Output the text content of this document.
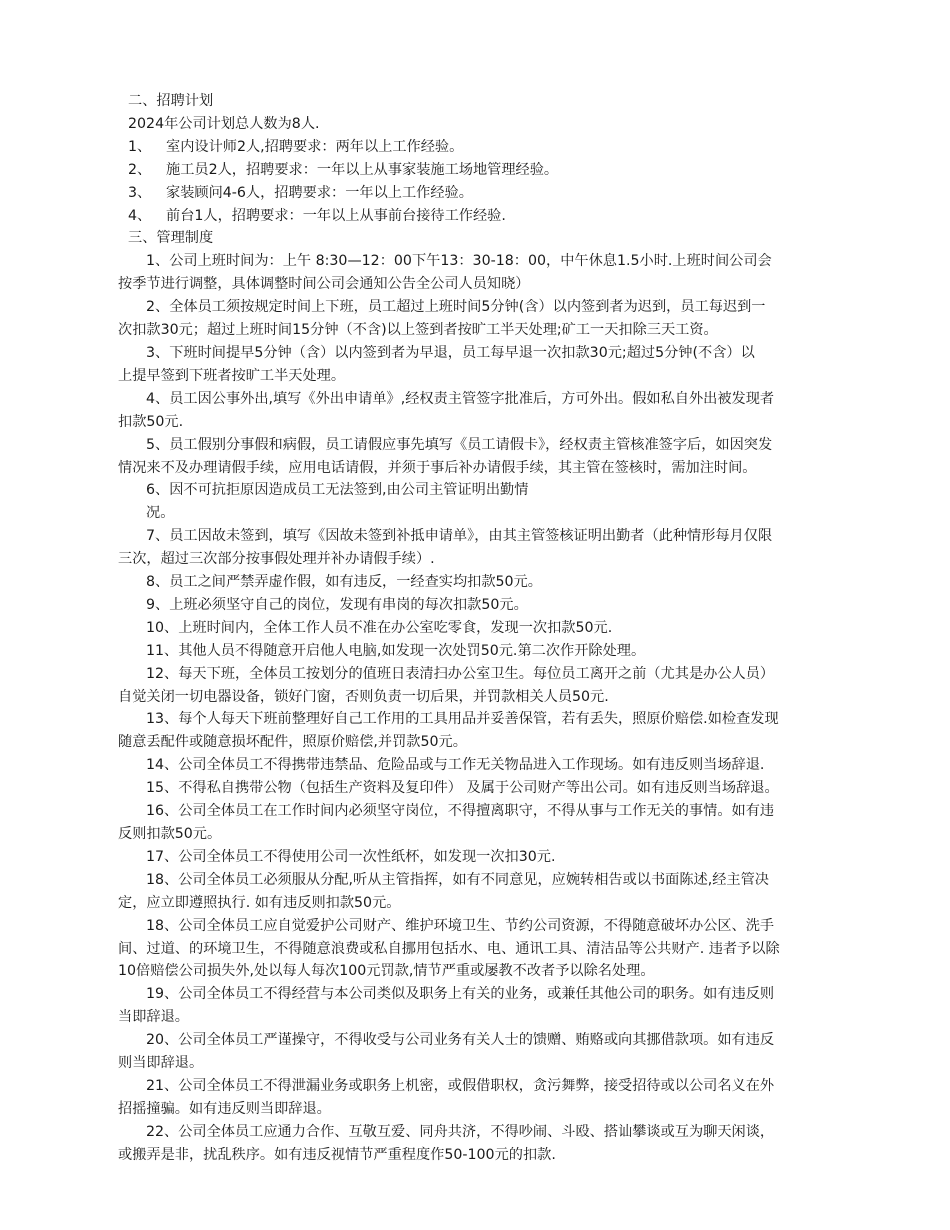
二、招聘计划
2024年公司计划总人数为8人.
1、 室内设计师2人,招聘要求：两年以上工作经验。
2、 施工员2人，招聘要求：一年以上从事家装施工场地管理经验。
3、 家装顾问4-6人，招聘要求：一年以上工作经验。
4、 前台1人，招聘要求：一年以上从事前台接待工作经验.
三、管理制度
1、公司上班时间为：上午 8:30—12：00下午13：30-18：00，中午休息1.5小时.上班时间公司会
按季节进行调整，具体调整时间公司会通知公告全公司人员知晓）
2、全体员工须按规定时间上下班，员工超过上班时间5分钟(含）以内签到者为迟到，员工每迟到一
次扣款30元；超过上班时间15分钟（不含)以上签到者按旷工半天处理;矿工一天扣除三天工资。
3、下班时间提早5分钟（含）以内签到者为早退，员工每早退一次扣款30元;超过5分钟(不含）以
上提早签到下班者按旷工半天处理。
4、员工因公事外出,填写《外出申请单》,经权责主管签字批准后，方可外出。假如私自外出被发现者
扣款50元.
5、员工假别分事假和病假，员工请假应事先填写《员工请假卡》，经权责主管核准签字后，如因突发
情况来不及办理请假手续，应用电话请假，并须于事后补办请假手续，其主管在签核时，需加注时间。
6、因不可抗拒原因造成员工无法签到,由公司主管证明出勤情
况。
7、员工因故未签到，填写《因故未签到补抵申请单》，由其主管签核证明出勤者（此种情形每月仅限
三次，超过三次部分按事假处理并补办请假手续）.
8、员工之间严禁弄虚作假，如有违反，一经查实均扣款50元。
9、上班必须坚守自己的岗位，发现有串岗的每次扣款50元。
10、上班时间内，全体工作人员不准在办公室吃零食，发现一次扣款50元.
11、其他人员不得随意开启他人电脑,如发现一次处罚50元.第二次作开除处理。
12、每天下班，全体员工按划分的值班日表清扫办公室卫生。每位员工离开之前（尤其是办公人员）
自觉关闭一切电器设备，锁好门窗，否则负责一切后果，并罚款相关人员50元.
13、每个人每天下班前整理好自己工作用的工具用品并妥善保管，若有丢失，照原价赔偿.如检查发现
随意丢配件或随意损坏配件，照原价赔偿,并罚款50元。
14、公司全体员工不得携带违禁品、危险品或与工作无关物品进入工作现场。如有违反则当场辞退.
15、不得私自携带公物（包括生产资料及复印件） 及属于公司财产等出公司。如有违反则当场辞退。
16、公司全体员工在工作时间内必须坚守岗位，不得擅离职守，不得从事与工作无关的事情。如有违
反则扣款50元。
17、公司全体员工不得使用公司一次性纸杯，如发现一次扣30元.
18、公司全体员工必须服从分配,听从主管指挥，如有不同意见，应婉转相告或以书面陈述,经主管决
定，应立即遵照执行. 如有违反则扣款50元。
18、公司全体员工应自觉爱护公司财产、维护环境卫生、节约公司资源，不得随意破坏办公区、洗手
间、过道、的环境卫生，不得随意浪费或私自挪用包括水、电、通讯工具、清洁品等公共财产. 违者予以除
10倍赔偿公司损失外,处以每人每次100元罚款,情节严重或屡教不改者予以除名处理。
19、公司全体员工不得经营与本公司类似及职务上有关的业务，或兼任其他公司的职务。如有违反则
当即辞退。
20、公司全体员工严谨操守，不得收受与公司业务有关人士的馈赠、贿赂或向其挪借款项。如有违反
则当即辞退。
21、公司全体员工不得泄漏业务或职务上机密，或假借职权，贪污舞弊，接受招待或以公司名义在外
招摇撞骗。如有违反则当即辞退。
22、公司全体员工应通力合作、互敬互爱、同舟共济，不得吵闹、斗殴、搭讪攀谈或互为聊天闲谈，
或搬弄是非，扰乱秩序。如有违反视情节严重程度作50-100元的扣款.
